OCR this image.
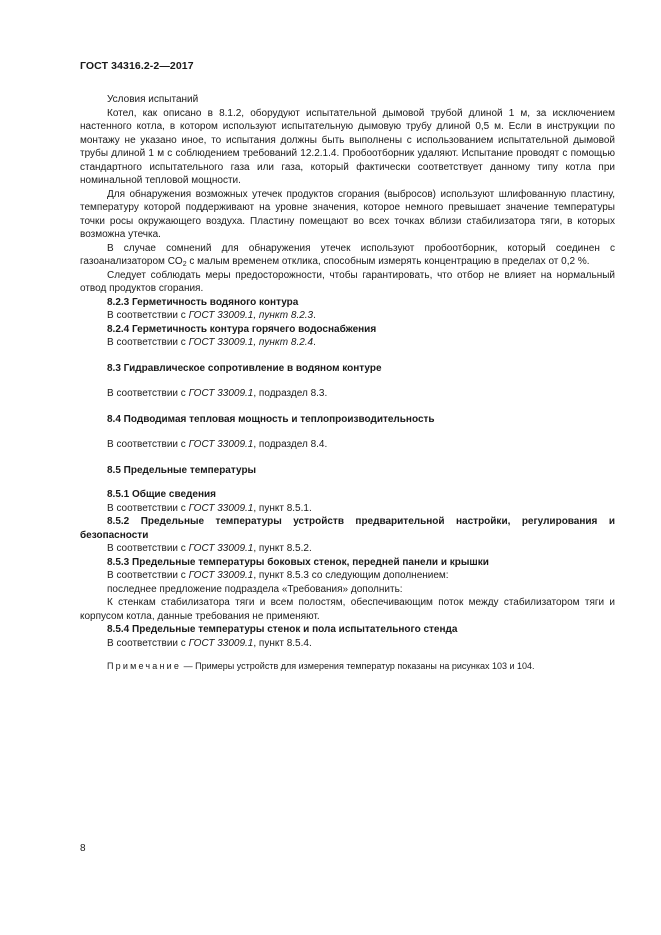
ГОСТ 34316.2-2—2017

Условия испытаний

Котел, как описано в 8.1.2, оборудуют испытательной дымовой трубой длиной 1 м, за исключением настенного котла, в котором используют испытательную дымовую трубу длиной 0,5 м. Если в инструкции по монтажу не указано иное, то испытания должны быть выполнены с использованием испытательной дымовой трубы длиной 1 м с соблюдением требований 12.2.1.4. Пробоотборник удаляют. Испытание проводят с помощью стандартного испытательного газа или газа, который фактически соответствует данному типу котла при номинальной тепловой мощности.

Для обнаружения возможных утечек продуктов сгорания (выбросов) используют шлифованную пластину, температуру которой поддерживают на уровне значения, которое немного превышает значение температуры точки росы окружающего воздуха. Пластину помещают во всех точках вблизи стабилизатора тяги, в которых возможна утечка.

В случае сомнений для обнаружения утечек используют пробоотборник, который соединен с газоанализатором $CO_2$ с малым временем отклика, способным измерять концентрацию в пределах от 0,2 %.

Следует соблюдать меры предосторожности, чтобы гарантировать, что отбор не влияет на нормальный отвод продуктов сгорания.

8.2.3 Герметичность водяного контура

В соответствии с ГОСТ 33009.1, пункт 8.2.3.

8.2.4 Герметичность контура горячего водоснабжения

В соответствии с ГОСТ 33009.1, пункт 8.2.4.

8.3 Гидравлическое сопротивление в водяном контуре

В соответствии с ГОСТ 33009.1, подраздел 8.3.

8.4 Подводимая тепловая мощность и теплопроизводительность

В соответствии с ГОСТ 33009.1, подраздел 8.4.

8.5 Предельные температуры

8.5.1 Общие сведения

В соответствии с ГОСТ 33009.1, пункт 8.5.1.

8.5.2 Предельные температуры устройств предварительной настройки, регулирования и безопасности

В соответствии с ГОСТ 33009.1, пункт 8.5.2.

8.5.3 Предельные температуры боковых стенок, передней панели и крышки

В соответствии с ГОСТ 33009.1, пункт 8.5.3 со следующим дополнением:

последнее предложение подраздела «Требования» дополнить:

К стенкам стабилизатора тяги и всем полостям, обеспечивающим поток между стабилизатором тяги и корпусом котла, данные требования не применяют.

8.5.4 Предельные температуры стенок и пола испытательного стенда

В соответствии с ГОСТ 33009.1, пункт 8.5.4.

Примечание — Примеры устройств для измерения температур показаны на рисунках 103 и 104.

8
